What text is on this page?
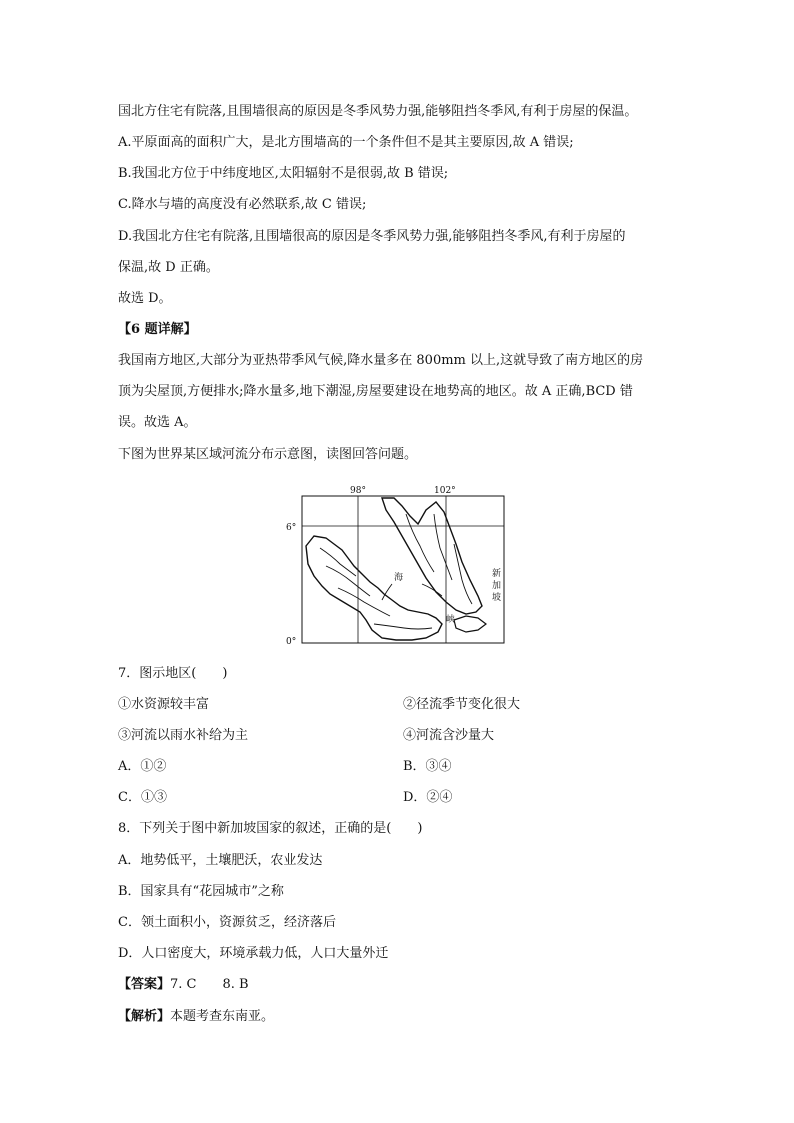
国北方住宅有院落,且围墙很高的原因是冬季风势力强,能够阻挡冬季风,有利于房屋的保温。
A.平原面高的面积广大，是北方围墙高的一个条件但不是其主要原因,故 A 错误;
B.我国北方位于中纬度地区,太阳辐射不是很弱,故 B 错误;
C.降水与墙的高度没有必然联系,故 C 错误;
D.我国北方住宅有院落,且围墙很高的原因是冬季风势力强,能够阻挡冬季风,有利于房屋的
保温,故 D 正确。
故选 D。
【6 题详解】
我国南方地区,大部分为亚热带季风气候,降水量多在 800mm 以上,这就导致了南方地区的房
顶为尖屋顶,方便排水;降水量多,地下潮湿,房屋要建设在地势高的地区。故 A 正确,BCD 错
误。故选 A。
下图为世界某区域河流分布示意图，读图回答问题。
98°	102°
6°
0°
海
峡
新
加
坡
7．图示地区(　　)
①水资源较丰富	②径流季节变化很大
③河流以雨水补给为主	④河流含沙量大
A．①②	B．③④
C．①③	D．②④
8．下列关于图中新加坡国家的叙述，正确的是(　　)
A．地势低平，土壤肥沃，农业发达
B．国家具有“花园城市”之称
C．领土面积小，资源贫乏，经济落后
D．人口密度大，环境承载力低，人口大量外迁
【答案】7. C　　8. B
【解析】本题考查东南亚。
